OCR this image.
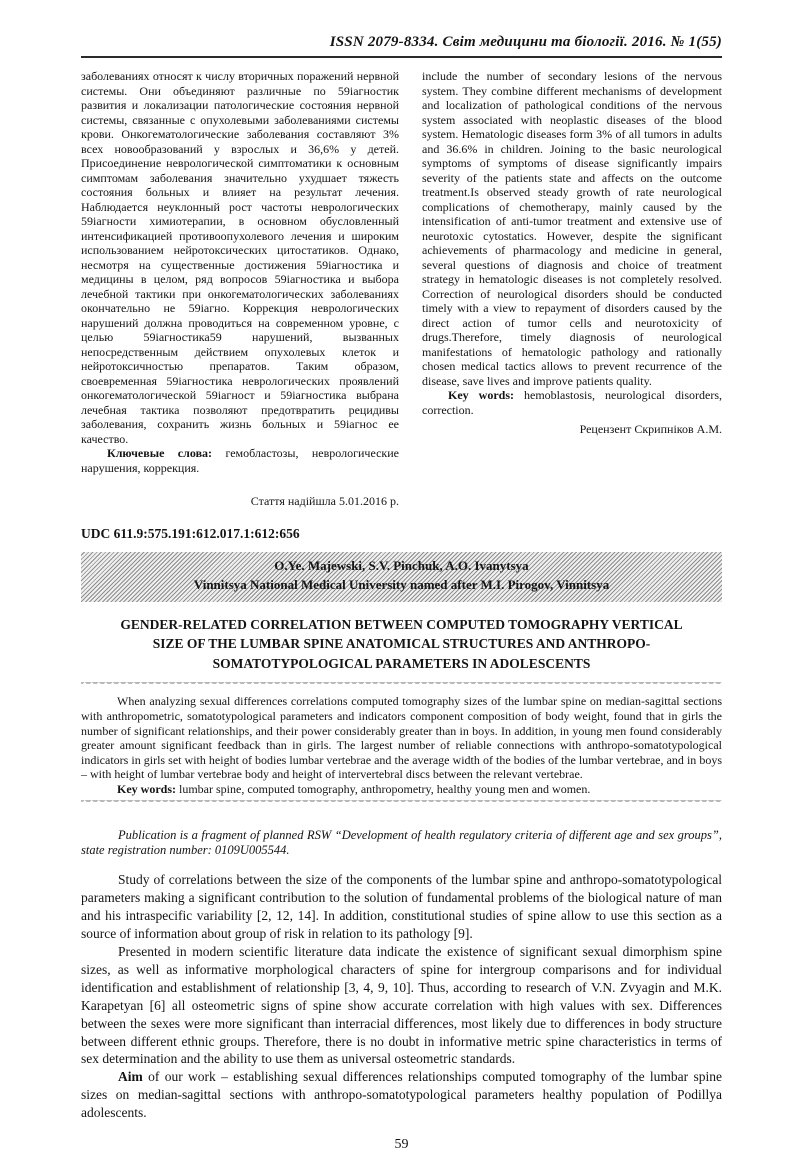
ISSN 2079-8334. Світ медицини та біології. 2016. № 1(55)

заболеваниях относят к числу вторичных поражений нервной системы. Они объединяют различные по 59іагностик развития и локализации патологические состояния нервной системы, связанные с опухолевыми заболеваниями системы крови. Онкогематологические заболевания составляют 3% всех новообразований у взрослых и 36,6% у детей. Присоединение неврологической симптоматики к основным симптомам заболевания значительно ухудшает тяжесть состояния больных и влияет на результат лечения. Наблюдается неуклонный рост частоты неврологических 59іагности химиотерапии, в основном обусловленный интенсификацией противоопухолевого лечения и широким использованием нейротоксических цитостатиков. Однако, несмотря на существенные достижения 59іагностика и медицины в целом, ряд вопросов 59іагностика и выбора лечебной тактики при онкогематологических заболеваниях окончательно не 59іагно. Коррекция неврологических нарушений должна проводиться на современном уровне, с целью 59іагностика59 нарушений, вызванных непосредственным действием опухолевых клеток и нейротоксичностью препаратов. Таким образом, своевременная 59іагностика неврологических проявлений онкогематологической 59іагност и 59іагностика выбрана лечебная тактика позволяют предотвратить рецидивы заболевания, сохранить жизнь больных и 59іагнос ее качество.

Ключевые слова: гемобластозы, неврологические нарушения, коррекция.

Стаття надійшла 5.01.2016 р.

include the number of secondary lesions of the nervous system. They combine different mechanisms of development and localization of pathological conditions of the nervous system associated with neoplastic diseases of the blood system. Hematologic diseases form 3% of all tumors in adults and 36.6% in children. Joining to the basic neurological symptoms of symptoms of disease significantly impairs severity of the patients state and affects on the outcome treatment.Is observed steady growth of rate neurological complications of chemotherapy, mainly caused by the intensification of anti-tumor treatment and extensive use of neurotoxic cytostatics. However, despite the significant achievements of pharmacology and medicine in general, several questions of diagnosis and choice of treatment strategy in hematologic diseases is not completely resolved. Correction of neurological disorders should be conducted timely with a view to repayment of disorders caused by the direct action of tumor cells and neurotoxicity of drugs.Therefore, timely diagnosis of neurological manifestations of hematologic pathology and rationally chosen medical tactics allows to prevent recurrence of the disease, save lives and improve patients quality.

Key words: hemoblastosis, neurological disorders, correction.

Рецензент Скрипніков А.М.
UDC 611.9:575.191:612.017.1:612:656
O.Ye. Majewski, S.V. Pinchuk, A.O. Ivanytsya
Vinnitsya National Medical University named after M.I. Pirogov, Vinnitsya
GENDER-RELATED CORRELATION BETWEEN COMPUTED TOMOGRAPHY VERTICAL
SIZE OF THE LUMBAR SPINE ANATOMICAL STRUCTURES AND ANTHROPO-
SOMATOTYPOLOGICAL PARAMETERS IN ADOLESCENTS

When analyzing sexual differences correlations computed tomography sizes of the lumbar spine on median-sagittal sections with anthropometric, somatotypological parameters and indicators component composition of body weight, found that in girls the number of significant relationships, and their power considerably greater than in boys. In addition, in young men found considerably greater amount significant feedback than in girls. The largest number of reliable connections with anthropo-somatotypological indicators in girls set with height of bodies lumbar vertebrae and the average width of the bodies of the lumbar vertebrae, and in boys – with height of lumbar vertebrae body and height of intervertebral discs between the relevant vertebrae.

Key words: lumbar spine, computed tomography, anthropometry, healthy young men and women.

Publication is a fragment of planned RSW “Development of health regulatory criteria of different age and sex groups”, state registration number: 0109U005544.

Study of correlations between the size of the components of the lumbar spine and anthropo-somatotypological parameters making a significant contribution to the solution of fundamental problems of the biological nature of man and his intraspecific variability [2, 12, 14]. In addition, constitutional studies of spine allow to use this section as a source of information about group of risk in relation to its pathology [9].

Presented in modern scientific literature data indicate the existence of significant sexual dimorphism spine sizes, as well as informative morphological characters of spine for intergroup comparisons and for individual identification and establishment of relationship [3, 4, 9, 10]. Thus, according to research of V.N. Zvyagin and M.K. Karapetyan [6] all osteometric signs of spine show accurate correlation with high values with sex. Differences between the sexes were more significant than interracial differences, most likely due to differences in body structure between different ethnic groups. Therefore, there is no doubt in informative metric spine characteristics in terms of sex determination and the ability to use them as universal osteometric standards.

Aim of our work – establishing sexual differences relationships computed tomography of the lumbar spine sizes on median-sagittal sections with anthropo-somatotypological parameters healthy population of Podillya adolescents.

59
